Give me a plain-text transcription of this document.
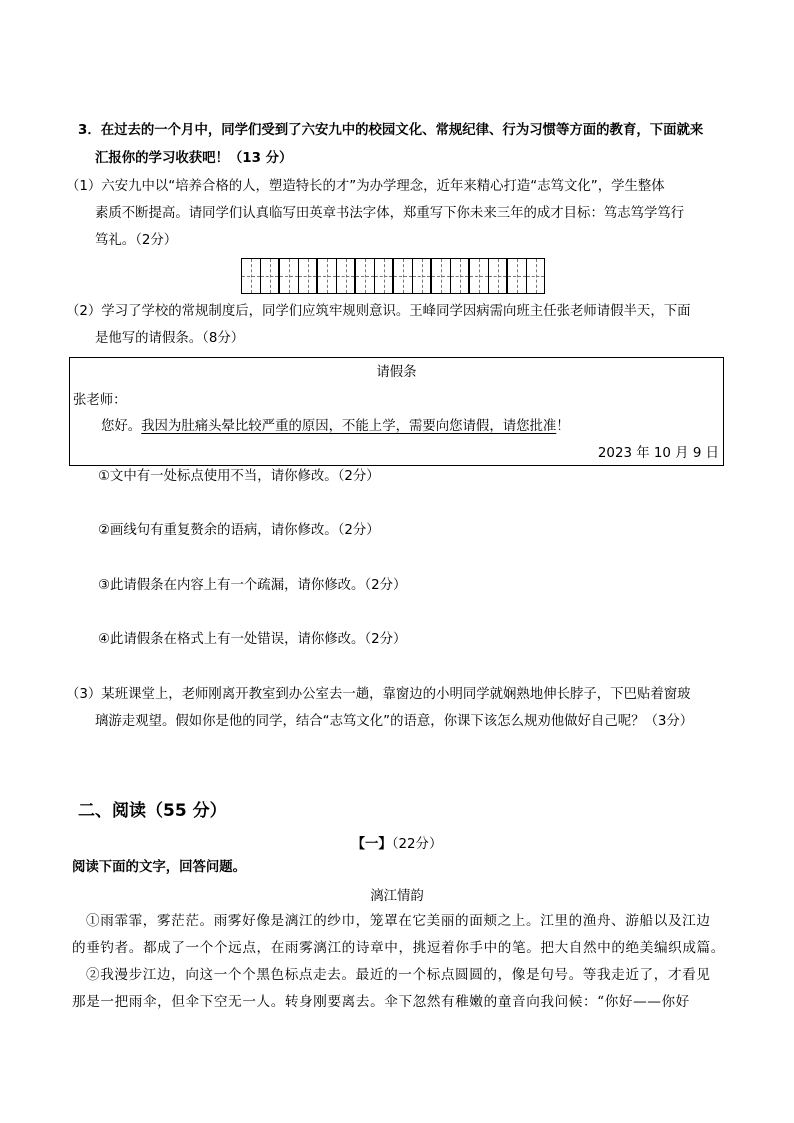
3．在过去的一个月中，同学们受到了六安九中的校园文化、常规纪律、行为习惯等方面的教育，下面就来
汇报你的学习收获吧！（13 分）
（1）六安九中以“培养合格的人，塑造特长的才”为办学理念，近年来精心打造“志笃文化”，学生整体
素质不断提高。请同学们认真临写田英章书法字体，郑重写下你未来三年的成才目标：笃志笃学笃行
笃礼。（2分）
（2）学习了学校的常规制度后，同学们应筑牢规则意识。王峰同学因病需向班主任张老师请假半天，下面
是他写的请假条。（8分）
请假条
张老师：
您好。我因为肚痛头晕比较严重的原因，不能上学，需要向您请假，请您批准！
2023 年 10 月 9 日
①文中有一处标点使用不当，请你修改。（2分）
②画线句有重复赘余的语病，请你修改。（2分）
③此请假条在内容上有一个疏漏，请你修改。（2分）
④此请假条在格式上有一处错误，请你修改。（2分）
（3）某班课堂上，老师刚离开教室到办公室去一趟，靠窗边的小明同学就娴熟地伸长脖子，下巴贴着窗玻
璃游走观望。假如你是他的同学，结合“志笃文化”的语意，你课下该怎么规劝他做好自己呢？（3分）
二、阅读（55 分）
【一】（22分）
阅读下面的文字，回答问题。
漓江情韵
①雨霏霏，雾茫茫。雨雾好像是漓江的纱巾，笼罩在它美丽的面颊之上。江里的渔舟、游船以及江边
的垂钓者。都成了一个个远点，在雨雾漓江的诗章中，挑逗着你手中的笔。把大自然中的绝美编织成篇。
②我漫步江边，向这一个个黑色标点走去。最近的一个标点圆圆的，像是句号。等我走近了，才看见
那是一把雨伞，但伞下空无一人。转身刚要离去。伞下忽然有稚嫩的童音向我问候：“你好——你好
